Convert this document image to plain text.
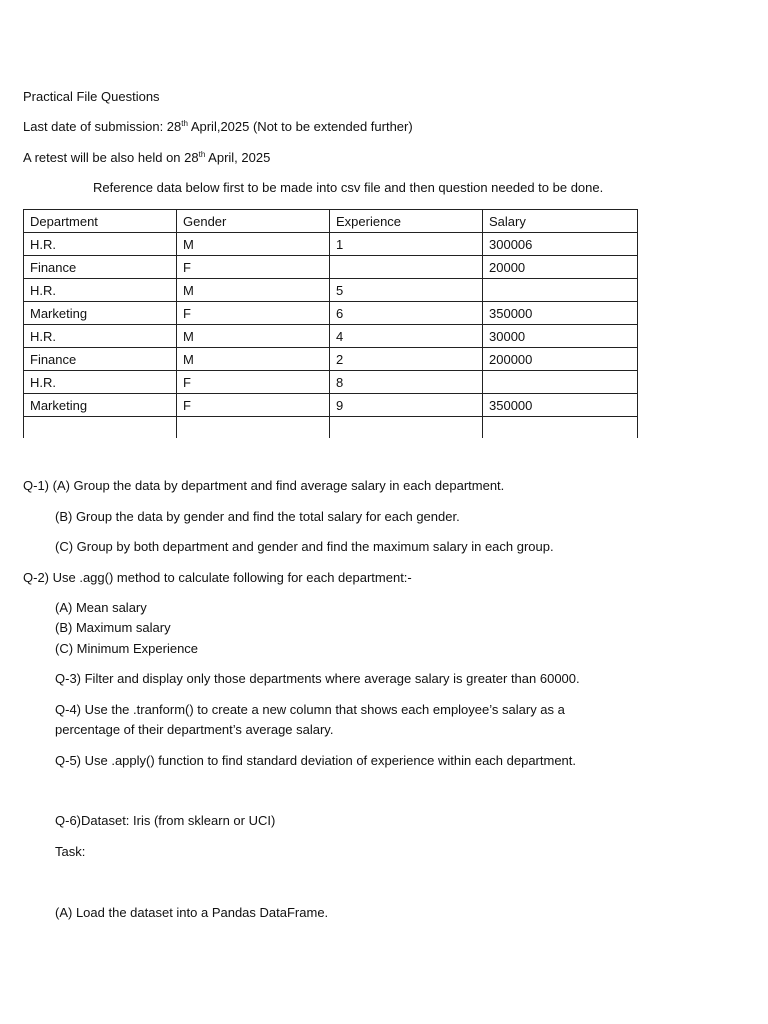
Practical File Questions
Last date of submission: 28th April,2025 (Not to be extended further)
A retest will be also held on 28th April, 2025
Reference data below first to be made into csv file and then question needed to be done.
Department	Gender	Experience	Salary
H.R.	M	1	300006
Finance	F		20000
H.R.	M	5	
Marketing	F	6	350000
H.R.	M	4	30000
Finance	M	2	200000
H.R.	F	8	
Marketing	F	9	350000

Q-1) (A) Group the data by department and find average salary in each department.
(B) Group the data by gender and find the total salary for each gender.
(C) Group by both department and gender and find the maximum salary in each group.
Q-2) Use .agg() method to calculate following for each department:-
(A) Mean salary
(B) Maximum salary
(C) Minimum Experience
Q-3) Filter and display only those departments where average salary is greater than 60000.
Q-4) Use the .tranform() to create a new column that shows each employee’s salary as a percentage of their department’s average salary.
Q-5) Use .apply() function to find standard deviation of experience within each department.
Q-6)Dataset: Iris (from sklearn or UCI)
Task:
(A) Load the dataset into a Pandas DataFrame.
